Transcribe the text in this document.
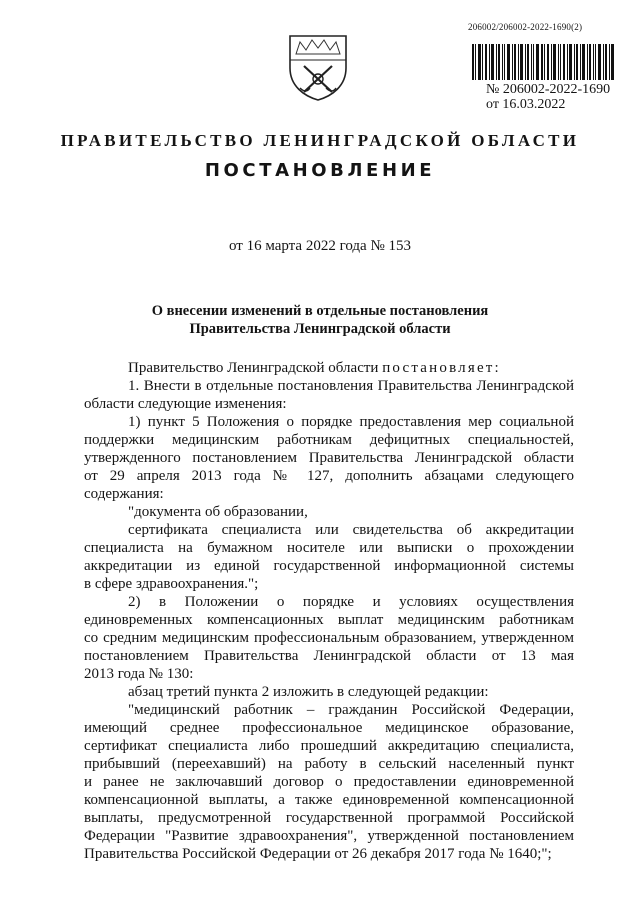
206002/206002-2022-1690(2)
№ 206002-2022-1690
от 16.03.2022
ПРАВИТЕЛЬСТВО ЛЕНИНГРАДСКОЙ ОБЛАСТИ
ПОСТАНОВЛЕНИЕ
от 16 марта 2022 года № 153
О внесении изменений в отдельные постановления
Правительства Ленинградской области
Правительство Ленинградской области постановляет:
1. Внести в отдельные постановления Правительства Ленинградской
области следующие изменения:
1) пункт 5 Положения о порядке предоставления мер социальной
поддержки медицинским работникам дефицитных специальностей,
утвержденного постановлением Правительства Ленинградской области
от 29 апреля 2013 года № 127, дополнить абзацами следующего
содержания:
"документа об образовании,
сертификата специалиста или свидетельства об аккредитации
специалиста на бумажном носителе или выписки о прохождении
аккредитации из единой государственной информационной системы
в сфере здравоохранения.";
2) в Положении о порядке и условиях осуществления
единовременных компенсационных выплат медицинским работникам
со средним медицинским профессиональным образованием, утвержденном
постановлением Правительства Ленинградской области от 13 мая
2013 года № 130:
абзац третий пункта 2 изложить в следующей редакции:
"медицинский работник – гражданин Российской Федерации,
имеющий среднее профессиональное медицинское образование,
сертификат специалиста либо прошедший аккредитацию специалиста,
прибывший (переехавший) на работу в сельский населенный пункт
и ранее не заключавший договор о предоставлении единовременной
компенсационной выплаты, а также единовременной компенсационной
выплаты, предусмотренной государственной программой Российской
Федерации "Развитие здравоохранения", утвержденной постановлением
Правительства Российской Федерации от 26 декабря 2017 года № 1640;";
